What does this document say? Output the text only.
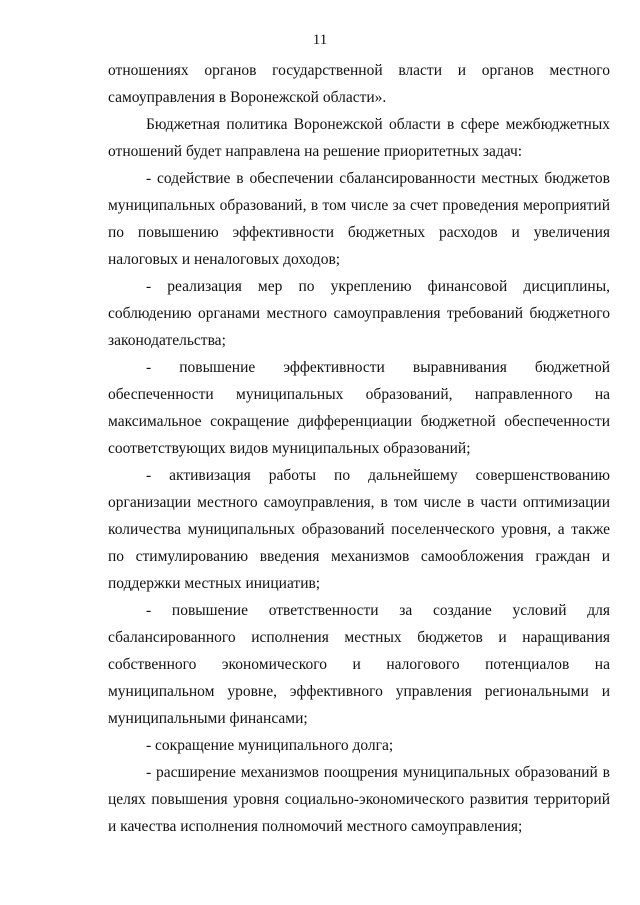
11

отношениях органов государственной власти и органов местного самоуправления в Воронежской области».

Бюджетная политика Воронежской области в сфере межбюджетных отношений будет направлена на решение приоритетных задач:

- содействие в обеспечении сбалансированности местных бюджетов муниципальных образований, в том числе за счет проведения мероприятий по повышению эффективности бюджетных расходов и увеличения налоговых и неналоговых доходов;

- реализация мер по укреплению финансовой дисциплины, соблюдению органами местного самоуправления требований бюджетного законодательства;

- повышение эффективности выравнивания бюджетной обеспеченности муниципальных образований, направленного на максимальное сокращение дифференциации бюджетной обеспеченности соответствующих видов муниципальных образований;

- активизация работы по дальнейшему совершенствованию организации местного самоуправления, в том числе в части оптимизации количества муниципальных образований поселенческого уровня, а также по стимулированию введения механизмов самообложения граждан и поддержки местных инициатив;

- повышение ответственности за создание условий для сбалансированного исполнения местных бюджетов и наращивания собственного экономического и налогового потенциалов на муниципальном уровне, эффективного управления региональными и муниципальными финансами;

- сокращение муниципального долга;

- расширение механизмов поощрения муниципальных образований в целях повышения уровня социально-экономического развития территорий и качества исполнения полномочий местного самоуправления;
